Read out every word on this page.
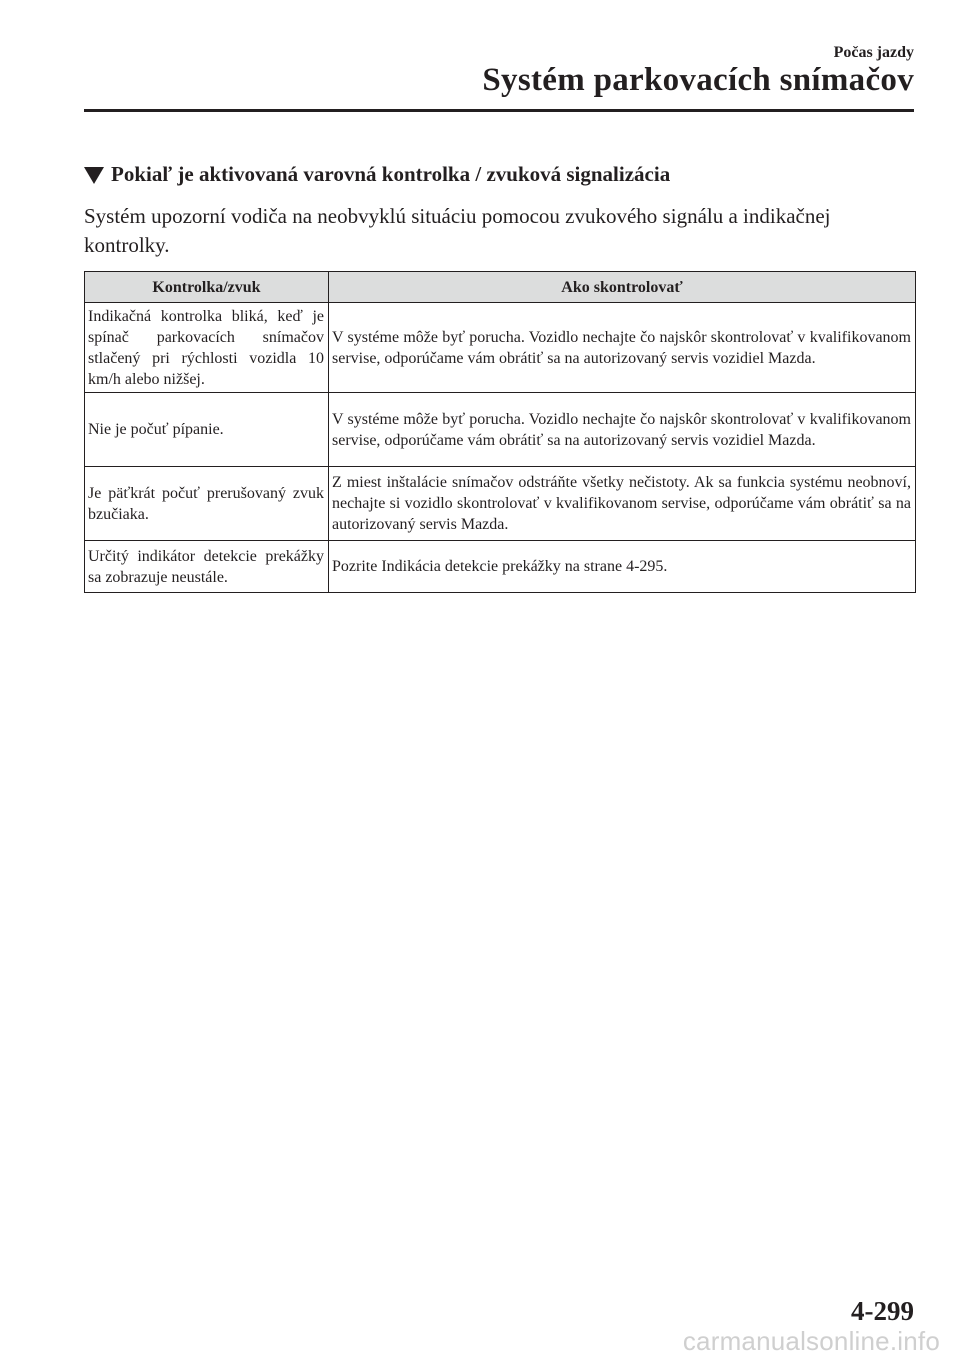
Počas jazdy
Systém parkovacích snímačov
Pokiaľ je aktivovaná varovná kontrolka / zvuková signalizácia

Systém upozorní vodiča na neobvyklú situáciu pomocou zvukového signálu a indikačnej kontrolky.

Kontrolka/zvuk	Ako skontrolovať
Indikačná kontrolka bliká, keď je spínač parkovacích snímačov stlačený pri rýchlosti vozidla 10 km/h alebo nižšej.	V systéme môže byť porucha. Vozidlo nechajte čo najskôr skontrolovať v kvalifikovanom servise, odporúčame vám obrátiť sa na autorizovaný servis vozidiel Mazda.
Nie je počuť pípanie.	V systéme môže byť porucha. Vozidlo nechajte čo najskôr skontrolovať v kvalifikovanom servise, odporúčame vám obrátiť sa na autorizovaný servis vozidiel Mazda.
Je päťkrát počuť prerušovaný zvuk bzučiaka.	Z miest inštalácie snímačov odstráňte všetky nečistoty. Ak sa funkcia systému neobnoví, nechajte si vozidlo skontrolovať v kvalifikovanom servise, odporúčame vám obrátiť sa na autorizovaný servis Mazda.
Určitý indikátor detekcie prekážky sa zobrazuje neustále.	Pozrite Indikácia detekcie prekážky na strane 4-295.
4-299
carmanualsonline.info
